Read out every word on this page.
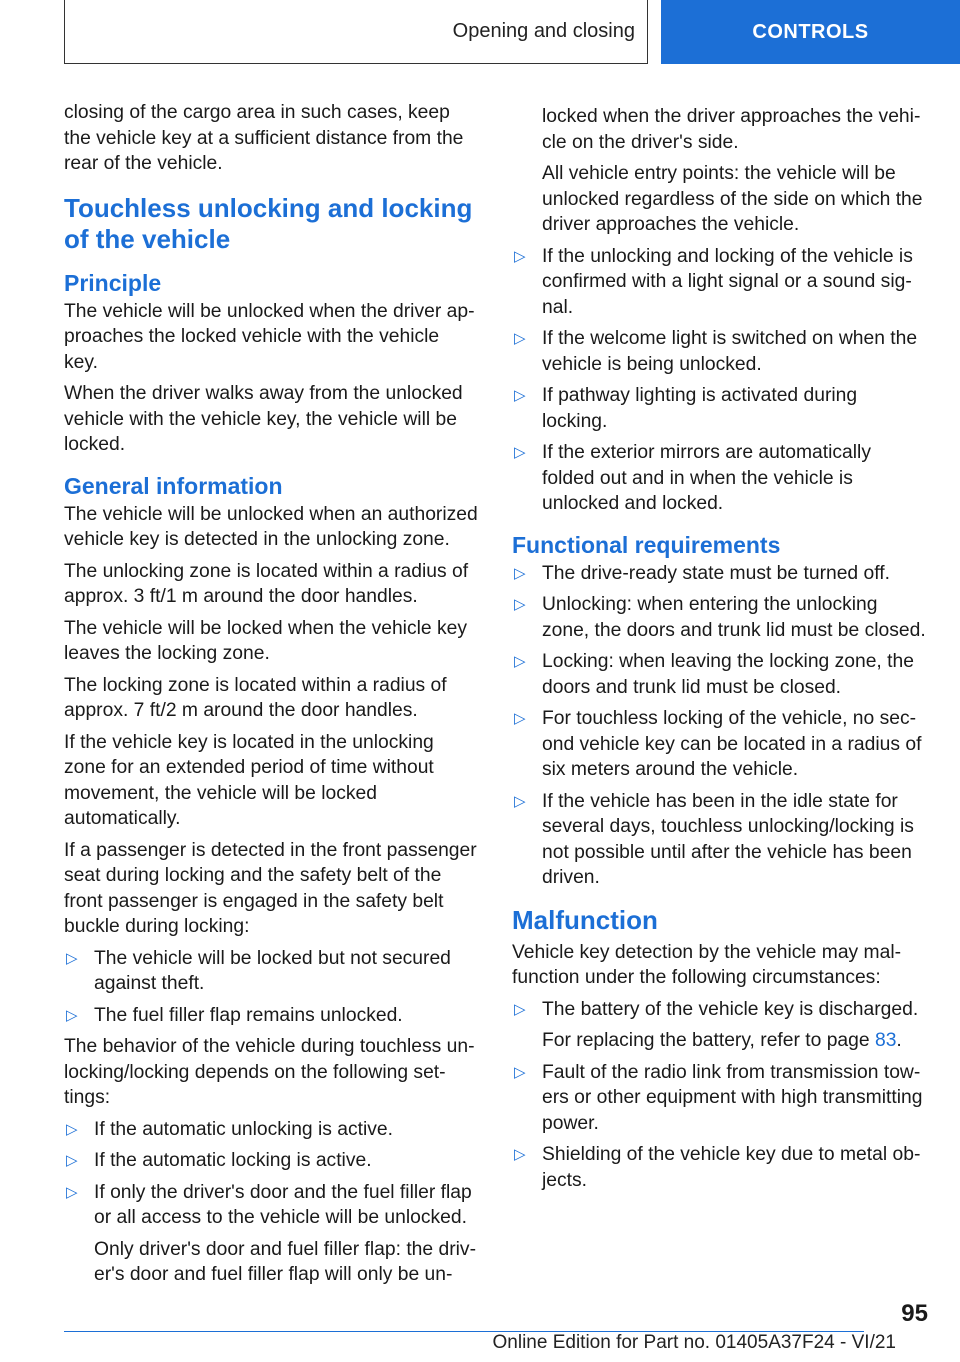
Opening and closing	CONTROLS

closing of the cargo area in such cases, keep the vehicle key at a sufficient distance from the rear of the vehicle.

Touchless unlocking and locking of the vehicle
Principle

The vehicle will be unlocked when the driver approaches the locked vehicle with the vehicle key.

When the driver walks away from the unlocked vehicle with the vehicle key, the vehicle will be locked.

General information

The vehicle will be unlocked when an authorized vehicle key is detected in the unlocking zone.

The unlocking zone is located within a radius of approx. 3 ft/1 m around the door handles.

The vehicle will be locked when the vehicle key leaves the locking zone.

The locking zone is located within a radius of approx. 7 ft/2 m around the door handles.

If the vehicle key is located in the unlocking zone for an extended period of time without movement, the vehicle will be locked automatically.

If a passenger is detected in the front passenger seat during locking and the safety belt of the front passenger is engaged in the safety belt buckle during locking:

▷ The vehicle will be locked but not secured against theft.
▷ The fuel filler flap remains unlocked.

The behavior of the vehicle during touchless unlocking/locking depends on the following settings:

▷ If the automatic unlocking is active.
▷ If the automatic locking is active.
▷ If only the driver's door and the fuel filler flap or all access to the vehicle will be unlocked.
Only driver's door and fuel filler flap: the driver's door and fuel filler flap will only be un-

locked when the driver approaches the vehicle on the driver's side.

All vehicle entry points: the vehicle will be unlocked regardless of the side on which the driver approaches the vehicle.

▷ If the unlocking and locking of the vehicle is confirmed with a light signal or a sound signal.
▷ If the welcome light is switched on when the vehicle is being unlocked.
▷ If pathway lighting is activated during locking.
▷ If the exterior mirrors are automatically folded out and in when the vehicle is unlocked and locked.
Functional requirements
▷ The drive-ready state must be turned off.
▷ Unlocking: when entering the unlocking zone, the doors and trunk lid must be closed.
▷ Locking: when leaving the locking zone, the doors and trunk lid must be closed.
▷ For touchless locking of the vehicle, no second vehicle key can be located in a radius of six meters around the vehicle.
▷ If the vehicle has been in the idle state for several days, touchless unlocking/locking is not possible until after the vehicle has been driven.
Malfunction

Vehicle key detection by the vehicle may malfunction under the following circumstances:

▷ The battery of the vehicle key is discharged.
For replacing the battery, refer to page 83.
▷ Fault of the radio link from transmission towers or other equipment with high transmitting power.
▷ Shielding of the vehicle key due to metal objects.
95
Online Edition for Part no. 01405A37F24 - VI/21
